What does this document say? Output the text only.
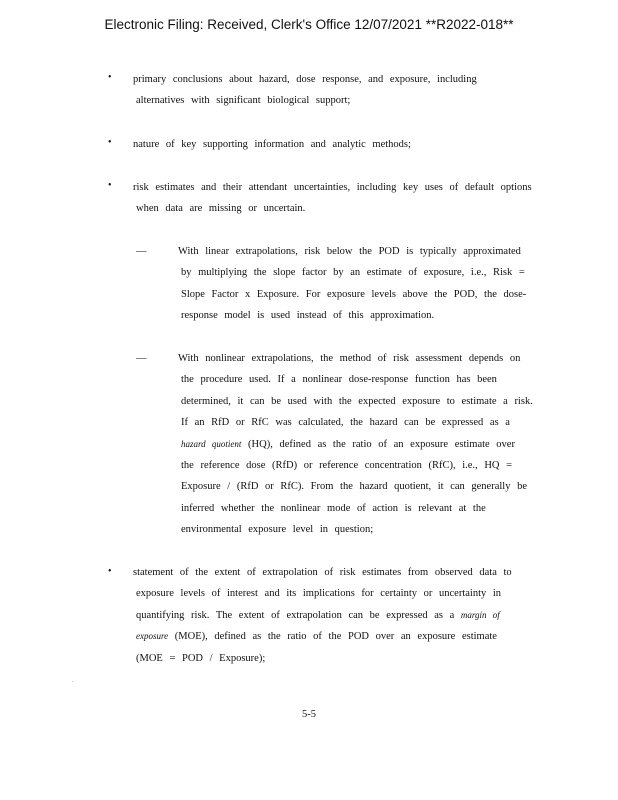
Electronic Filing: Received, Clerk's Office 12/07/2021 **R2022-018**
• primary conclusions about hazard, dose response, and exposure, including alternatives with significant biological support;
• nature of key supporting information and analytic methods;
• risk estimates and their attendant uncertainties, including key uses of default options when data are missing or uncertain.
—	With linear extrapolations, risk below the POD is typically approximated by multiplying the slope factor by an estimate of exposure, i.e., Risk = Slope Factor x Exposure. For exposure levels above the POD, the dose-response model is used instead of this approximation.
—	With nonlinear extrapolations, the method of risk assessment depends on the procedure used. If a nonlinear dose-response function has been determined, it can be used with the expected exposure to estimate a risk. If an RfD or RfC was calculated, the hazard can be expressed as a hazard quotient (HQ), defined as the ratio of an exposure estimate over the reference dose (RfD) or reference concentration (RfC), i.e., HQ = Exposure / (RfD or RfC). From the hazard quotient, it can generally be inferred whether the nonlinear mode of action is relevant at the environmental exposure level in question;
• statement of the extent of extrapolation of risk estimates from observed data to exposure levels of interest and its implications for certainty or uncertainty in quantifying risk. The extent of extrapolation can be expressed as a margin of exposure (MOE), defined as the ratio of the POD over an exposure estimate (MOE = POD / Exposure);
.
5-5
